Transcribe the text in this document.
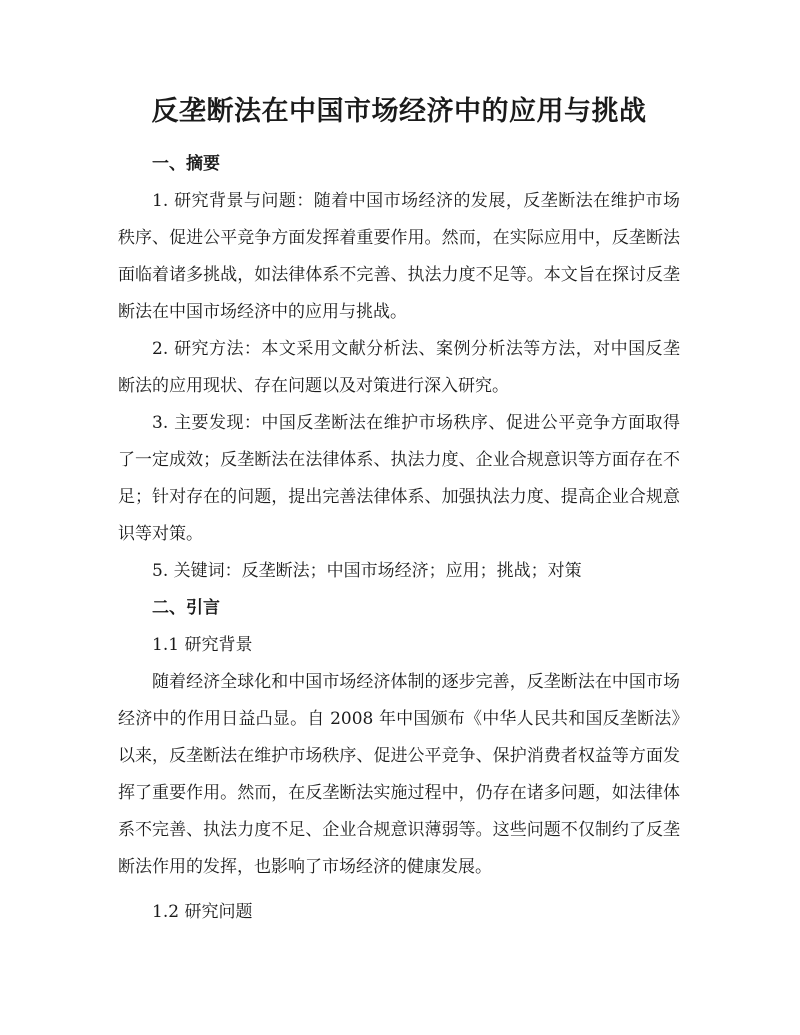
反垄断法在中国市场经济中的应用与挑战

一、摘要

1. 研究背景与问题：随着中国市场经济的发展，反垄断法在维护市场秩序、促进公平竞争方面发挥着重要作用。然而，在实际应用中，反垄断法面临着诸多挑战，如法律体系不完善、执法力度不足等。本文旨在探讨反垄断法在中国市场经济中的应用与挑战。

2. 研究方法：本文采用文献分析法、案例分析法等方法，对中国反垄断法的应用现状、存在问题以及对策进行深入研究。

3. 主要发现：中国反垄断法在维护市场秩序、促进公平竞争方面取得了一定成效；反垄断法在法律体系、执法力度、企业合规意识等方面存在不足；针对存在的问题，提出完善法律体系、加强执法力度、提高企业合规意识等对策。

5. 关键词：反垄断法；中国市场经济；应用；挑战；对策

二、引言

1.1 研究背景

随着经济全球化和中国市场经济体制的逐步完善，反垄断法在中国市场经济中的作用日益凸显。自 2008 年中国颁布《中华人民共和国反垄断法》以来，反垄断法在维护市场秩序、促进公平竞争、保护消费者权益等方面发挥了重要作用。然而，在反垄断法实施过程中，仍存在诸多问题，如法律体系不完善、执法力度不足、企业合规意识薄弱等。这些问题不仅制约了反垄断法作用的发挥，也影响了市场经济的健康发展。

1.2 研究问题
